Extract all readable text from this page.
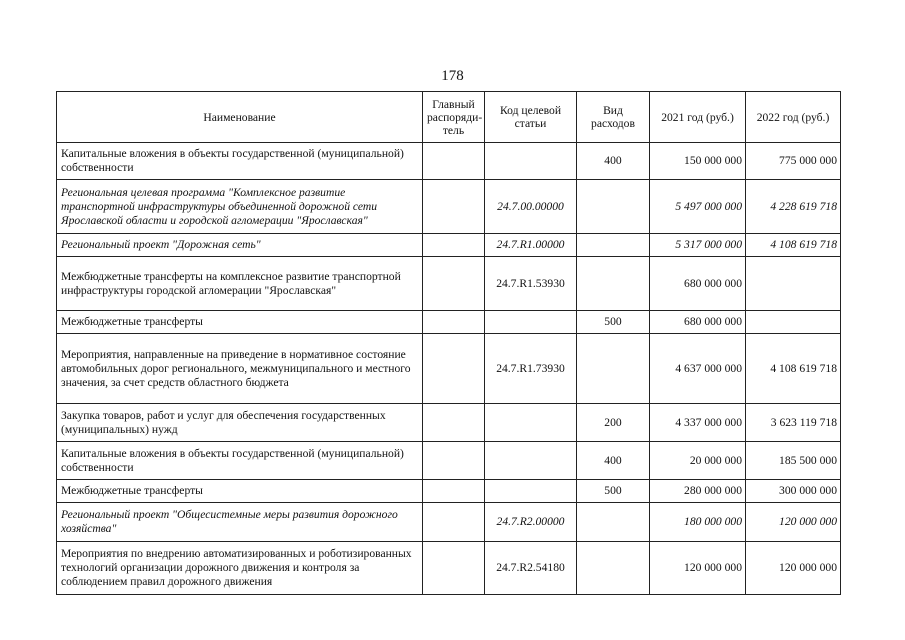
178
Наименование	Главный распоряди-тель	Код целевой статьи	Вид расходов	2021 год (руб.)	2022 год (руб.)
Капитальные вложения в объекты государственной (муниципальной) собственности			400	150 000 000	775 000 000
Региональная целевая программа "Комплексное развитие транспортной инфраструктуры объединенной дорожной сети Ярославской области и городской агломерации "Ярославская"		24.7.00.00000		5 497 000 000	4 228 619 718
Региональный проект "Дорожная сеть"		24.7.R1.00000		5 317 000 000	4 108 619 718
Межбюджетные трансферты на комплексное развитие транспортной инфраструктуры городской агломерации "Ярославская"		24.7.R1.53930		680 000 000	
Межбюджетные трансферты			500	680 000 000	
Мероприятия, направленные на приведение в нормативное состояние автомобильных дорог регионального, межмуниципального и местного значения, за счет средств областного бюджета		24.7.R1.73930		4 637 000 000	4 108 619 718
Закупка товаров, работ и услуг для обеспечения государственных (муниципальных) нужд			200	4 337 000 000	3 623 119 718
Капитальные вложения в объекты государственной (муниципальной) собственности			400	20 000 000	185 500 000
Межбюджетные трансферты			500	280 000 000	300 000 000
Региональный проект "Общесистемные меры развития дорожного хозяйства"		24.7.R2.00000		180 000 000	120 000 000
Мероприятия по внедрению автоматизированных и роботизированных технологий организации дорожного движения и контроля за соблюдением правил дорожного движения		24.7.R2.54180		120 000 000	120 000 000
